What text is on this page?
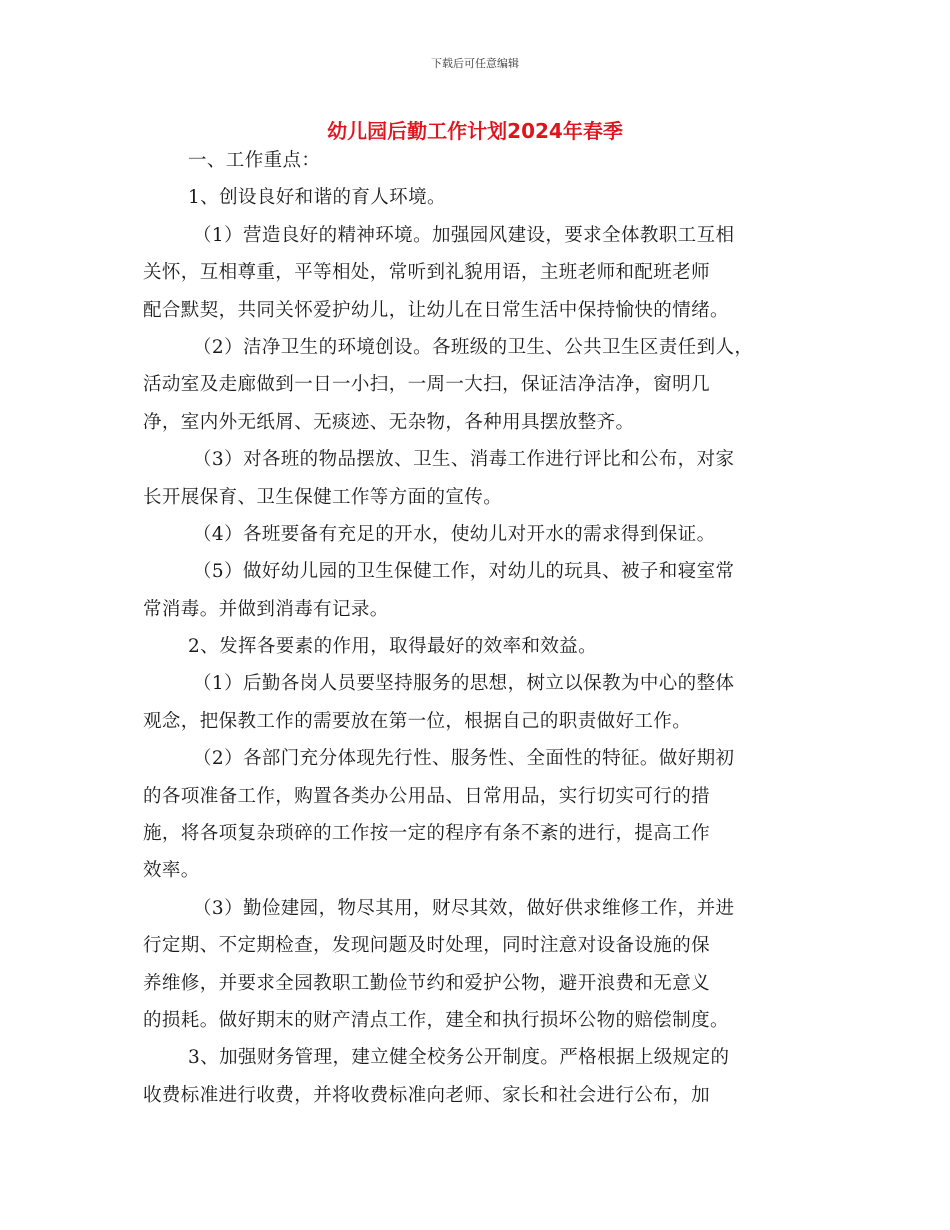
下载后可任意编辑
幼儿园后勤工作计划2024年春季
一、工作重点：
1、创设良好和谐的育人环境。
（1）营造良好的精神环境。加强园风建设，要求全体教职工互相
关怀，互相尊重，平等相处，常听到礼貌用语，主班老师和配班老师
配合默契，共同关怀爱护幼儿，让幼儿在日常生活中保持愉快的情绪。
（2）洁净卫生的环境创设。各班级的卫生、公共卫生区责任到人，
活动室及走廊做到一日一小扫，一周一大扫，保证洁净洁净，窗明几
净，室内外无纸屑、无痰迹、无杂物，各种用具摆放整齐。
（3）对各班的物品摆放、卫生、消毒工作进行评比和公布，对家
长开展保育、卫生保健工作等方面的宣传。
（4）各班要备有充足的开水，使幼儿对开水的需求得到保证。
（5）做好幼儿园的卫生保健工作，对幼儿的玩具、被子和寝室常
常消毒。并做到消毒有记录。
2、发挥各要素的作用，取得最好的效率和效益。
（1）后勤各岗人员要坚持服务的思想，树立以保教为中心的整体
观念，把保教工作的需要放在第一位，根据自己的职责做好工作。
（2）各部门充分体现先行性、服务性、全面性的特征。做好期初
的各项准备工作，购置各类办公用品、日常用品，实行切实可行的措
施，将各项复杂琐碎的工作按一定的程序有条不紊的进行，提高工作
效率。
（3）勤俭建园，物尽其用，财尽其效，做好供求维修工作，并进
行定期、不定期检查，发现问题及时处理，同时注意对设备设施的保
养维修，并要求全园教职工勤俭节约和爱护公物，避开浪费和无意义
的损耗。做好期末的财产清点工作，建全和执行损坏公物的赔偿制度。
3、加强财务管理，建立健全校务公开制度。严格根据上级规定的
收费标准进行收费，并将收费标准向老师、家长和社会进行公布，加
